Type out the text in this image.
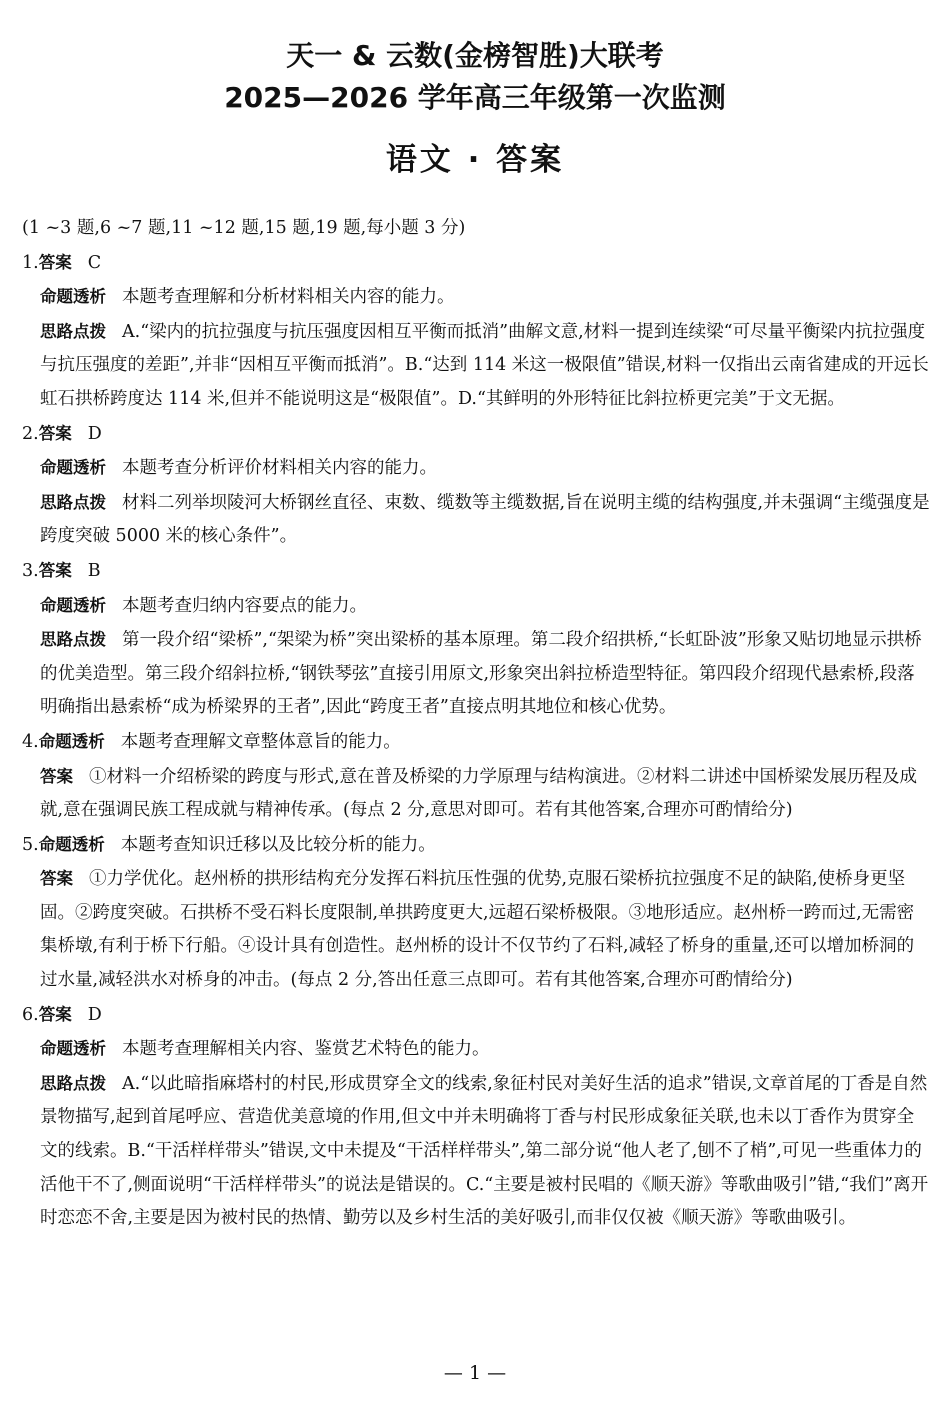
天一 & 云数(金榜智胜)大联考
2025—2026 学年高三年级第一次监测
语文 · 答案

(1 ~3 题,6 ~7 题,11 ~12 题,15 题,19 题,每小题 3 分)

1.答案 C

命题透析 本题考查理解和分析材料相关内容的能力。

思路点拨 A.“梁内的抗拉强度与抗压强度因相互平衡而抵消”曲解文意,材料一提到连续梁“可尽量平衡梁内抗拉强度与抗压强度的差距”,并非“因相互平衡而抵消”。B.“达到 114 米这一极限值”错误,材料一仅指出云南省建成的开远长虹石拱桥跨度达 114 米,但并不能说明这是“极限值”。D.“其鲜明的外形特征比斜拉桥更完美”于文无据。

2.答案 D

命题透析 本题考查分析评价材料相关内容的能力。

思路点拨 材料二列举坝陵河大桥钢丝直径、束数、缆数等主缆数据,旨在说明主缆的结构强度,并未强调“主缆强度是跨度突破 5000 米的核心条件”。

3.答案 B

命题透析 本题考查归纳内容要点的能力。

思路点拨 第一段介绍“梁桥”,“架梁为桥”突出梁桥的基本原理。第二段介绍拱桥,“长虹卧波”形象又贴切地显示拱桥的优美造型。第三段介绍斜拉桥,“钢铁琴弦”直接引用原文,形象突出斜拉桥造型特征。第四段介绍现代悬索桥,段落明确指出悬索桥“成为桥梁界的王者”,因此“跨度王者”直接点明其地位和核心优势。

4.命题透析 本题考查理解文章整体意旨的能力。

答案 ①材料一介绍桥梁的跨度与形式,意在普及桥梁的力学原理与结构演进。②材料二讲述中国桥梁发展历程及成就,意在强调民族工程成就与精神传承。(每点 2 分,意思对即可。若有其他答案,合理亦可酌情给分)

5.命题透析 本题考查知识迁移以及比较分析的能力。

答案 ①力学优化。赵州桥的拱形结构充分发挥石料抗压性强的优势,克服石梁桥抗拉强度不足的缺陷,使桥身更坚固。②跨度突破。石拱桥不受石料长度限制,单拱跨度更大,远超石梁桥极限。③地形适应。赵州桥一跨而过,无需密集桥墩,有利于桥下行船。④设计具有创造性。赵州桥的设计不仅节约了石料,减轻了桥身的重量,还可以增加桥洞的过水量,减轻洪水对桥身的冲击。(每点 2 分,答出任意三点即可。若有其他答案,合理亦可酌情给分)

6.答案 D

命题透析 本题考查理解相关内容、鉴赏艺术特色的能力。

思路点拨 A.“以此暗指麻塔村的村民,形成贯穿全文的线索,象征村民对美好生活的追求”错误,文章首尾的丁香是自然景物描写,起到首尾呼应、营造优美意境的作用,但文中并未明确将丁香与村民形成象征关联,也未以丁香作为贯穿全文的线索。B.“干活样样带头”错误,文中未提及“干活样样带头”,第二部分说“他人老了,刨不了梢”,可见一些重体力的活他干不了,侧面说明“干活样样带头”的说法是错误的。C.“主要是被村民唱的《顺天游》等歌曲吸引”错,“我们”离开时恋恋不舍,主要是因为被村民的热情、勤劳以及乡村生活的美好吸引,而非仅仅被《顺天游》等歌曲吸引。

— 1 —
